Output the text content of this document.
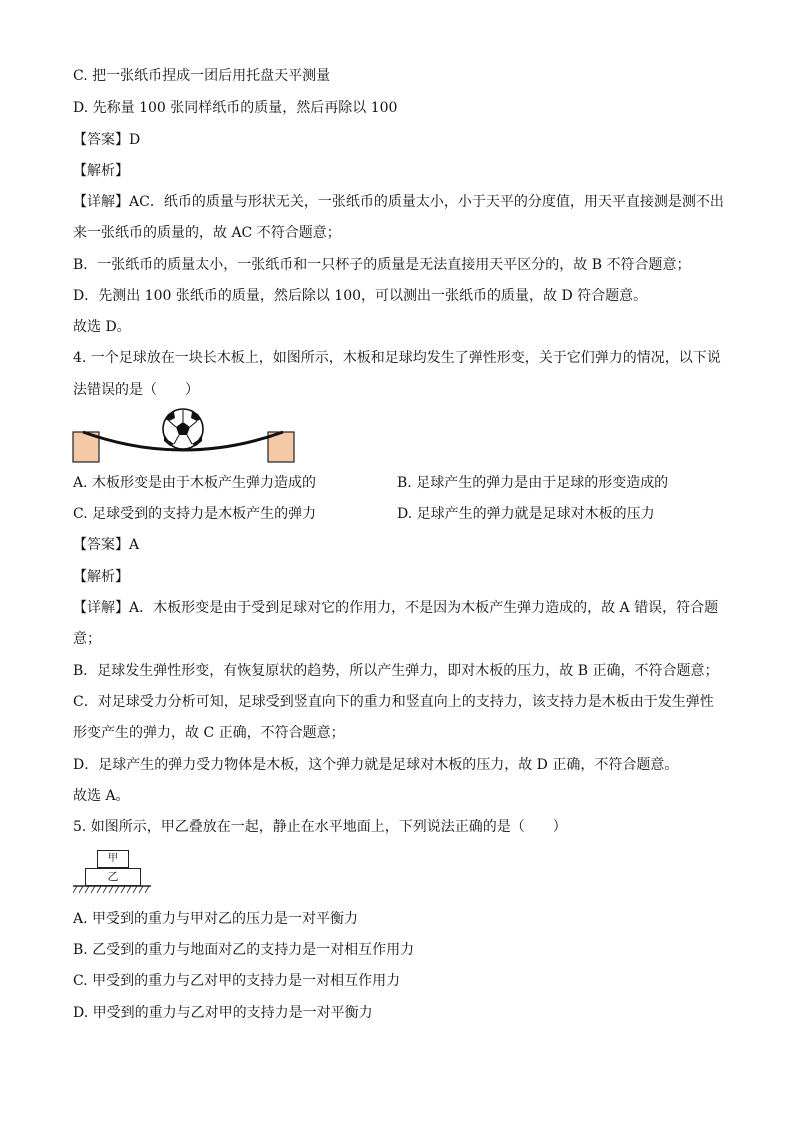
C. 把一张纸币捏成一团后用托盘天平测量
D. 先称量 100 张同样纸币的质量，然后再除以 100
【答案】D
【解析】
【详解】AC．纸币的质量与形状无关，一张纸币的质量太小，小于天平的分度值，用天平直接测是测不出
来一张纸币的质量的，故 AC 不符合题意；
B．一张纸币的质量太小，一张纸币和一只杯子的质量是无法直接用天平区分的，故 B 不符合题意；
D．先测出 100 张纸币的质量，然后除以 100，可以测出一张纸币的质量，故 D 符合题意。
故选 D。
4. 一个足球放在一块长木板上，如图所示，木板和足球均发生了弹性形变，关于它们弹力的情况，以下说
法错误的是（　　）
A. 木板形变是由于木板产生弹力造成的	B. 足球产生的弹力是由于足球的形变造成的
C. 足球受到的支持力是木板产生的弹力	D. 足球产生的弹力就是足球对木板的压力
【答案】A
【解析】
【详解】A．木板形变是由于受到足球对它的作用力，不是因为木板产生弹力造成的，故 A 错误，符合题
意；
B．足球发生弹性形变，有恢复原状的趋势，所以产生弹力，即对木板的压力，故 B 正确，不符合题意；
C．对足球受力分析可知，足球受到竖直向下的重力和竖直向上的支持力，该支持力是木板由于发生弹性
形变产生的弹力，故 C 正确，不符合题意；
D．足球产生的弹力受力物体是木板，这个弹力就是足球对木板的压力，故 D 正确，不符合题意。
故选 A。
5. 如图所示，甲乙叠放在一起，静止在水平地面上，下列说法正确的是（　　）
甲
乙
A. 甲受到的重力与甲对乙的压力是一对平衡力
B. 乙受到的重力与地面对乙的支持力是一对相互作用力
C. 甲受到的重力与乙对甲的支持力是一对相互作用力
D. 甲受到的重力与乙对甲的支持力是一对平衡力
